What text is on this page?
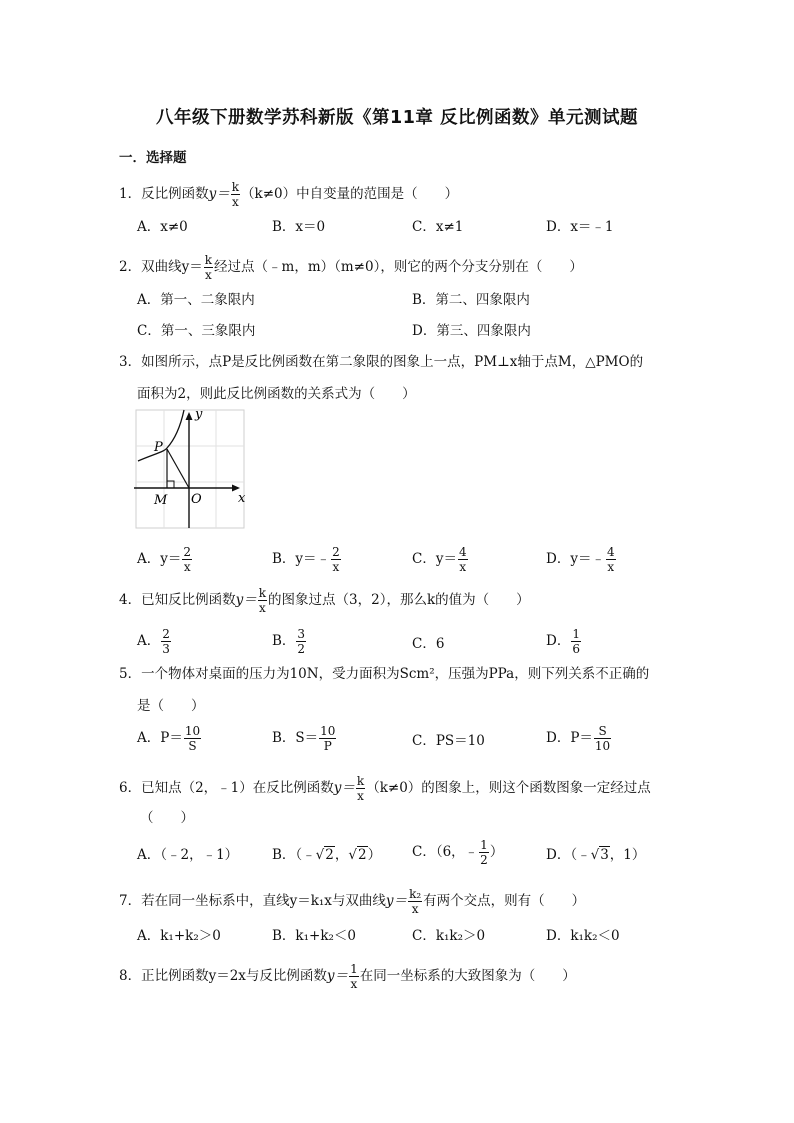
八年级下册数学苏科新版《第11章 反比例函数》单元测试题
一．选择题
1．反比例函数$y= \frac{k}{x} (k\ne 0)$中自变量的范围是（　　）
A．x≠0	B．x＝0	C．x≠1	D．x＝﹣1
2．双曲线$y= \frac{k}{x}$ 经过点（﹣m，m）（m≠0），则它的两个分支分别在（　　）
A．第一、二象限内	B．第二、四象限内
C．第一、三象限内	D．第三、四象限内
3．如图所示，点P是反比例函数在第二象限的图象上一点，PM⊥x轴于点M，△PMO的
面积为2，则此反比例函数的关系式为（　　）
y
x
P
M O
A．$y= \frac{2}{x}$	B．y＝﹣ $\frac{2}{x}$	C．$y= \frac{4}{x}$	D．y＝﹣ $\frac{4}{x}$
4．已知反比例函数$y= \frac{k}{x}$ 的图象过点（3，2），那么k的值为（　　）
A． $\frac{2}{3}$	B． $\frac{3}{2}$	C．6	D． $\frac{1}{6}$
5．一个物体对桌面的压力为10N，受力面积为Scm²，压强为PPa，则下列关系不正确的
是（　　）
A．$P= \frac{10}{S}$	B．$S= \frac{10}{P}$	C．PS＝10	D．$P= \frac{S}{10}$
6．已知点（2，﹣1）在反比例函数$y= \frac{k}{x} (k\ne 0)$的图象上，则这个函数图象一定经过点
（　　）
A．（﹣2，﹣1）	B．（﹣√2，√2） C．（6，﹣ $\frac{1}{2}$ ）	D．（﹣√3，1）
7．若在同一坐标系中，直线y＝k₁x与双曲线$y= \frac{\text{k₂}}{x}$ 有两个交点，则有（　　）
A．k₁+k₂＞0	B．k₁+k₂＜0	C．k₁k₂＞0	D．k₁k₂＜0
8．正比例函数y＝2x与反比例函数$y= \frac{1}{x}$ 在同一坐标系的大致图象为（　　）
